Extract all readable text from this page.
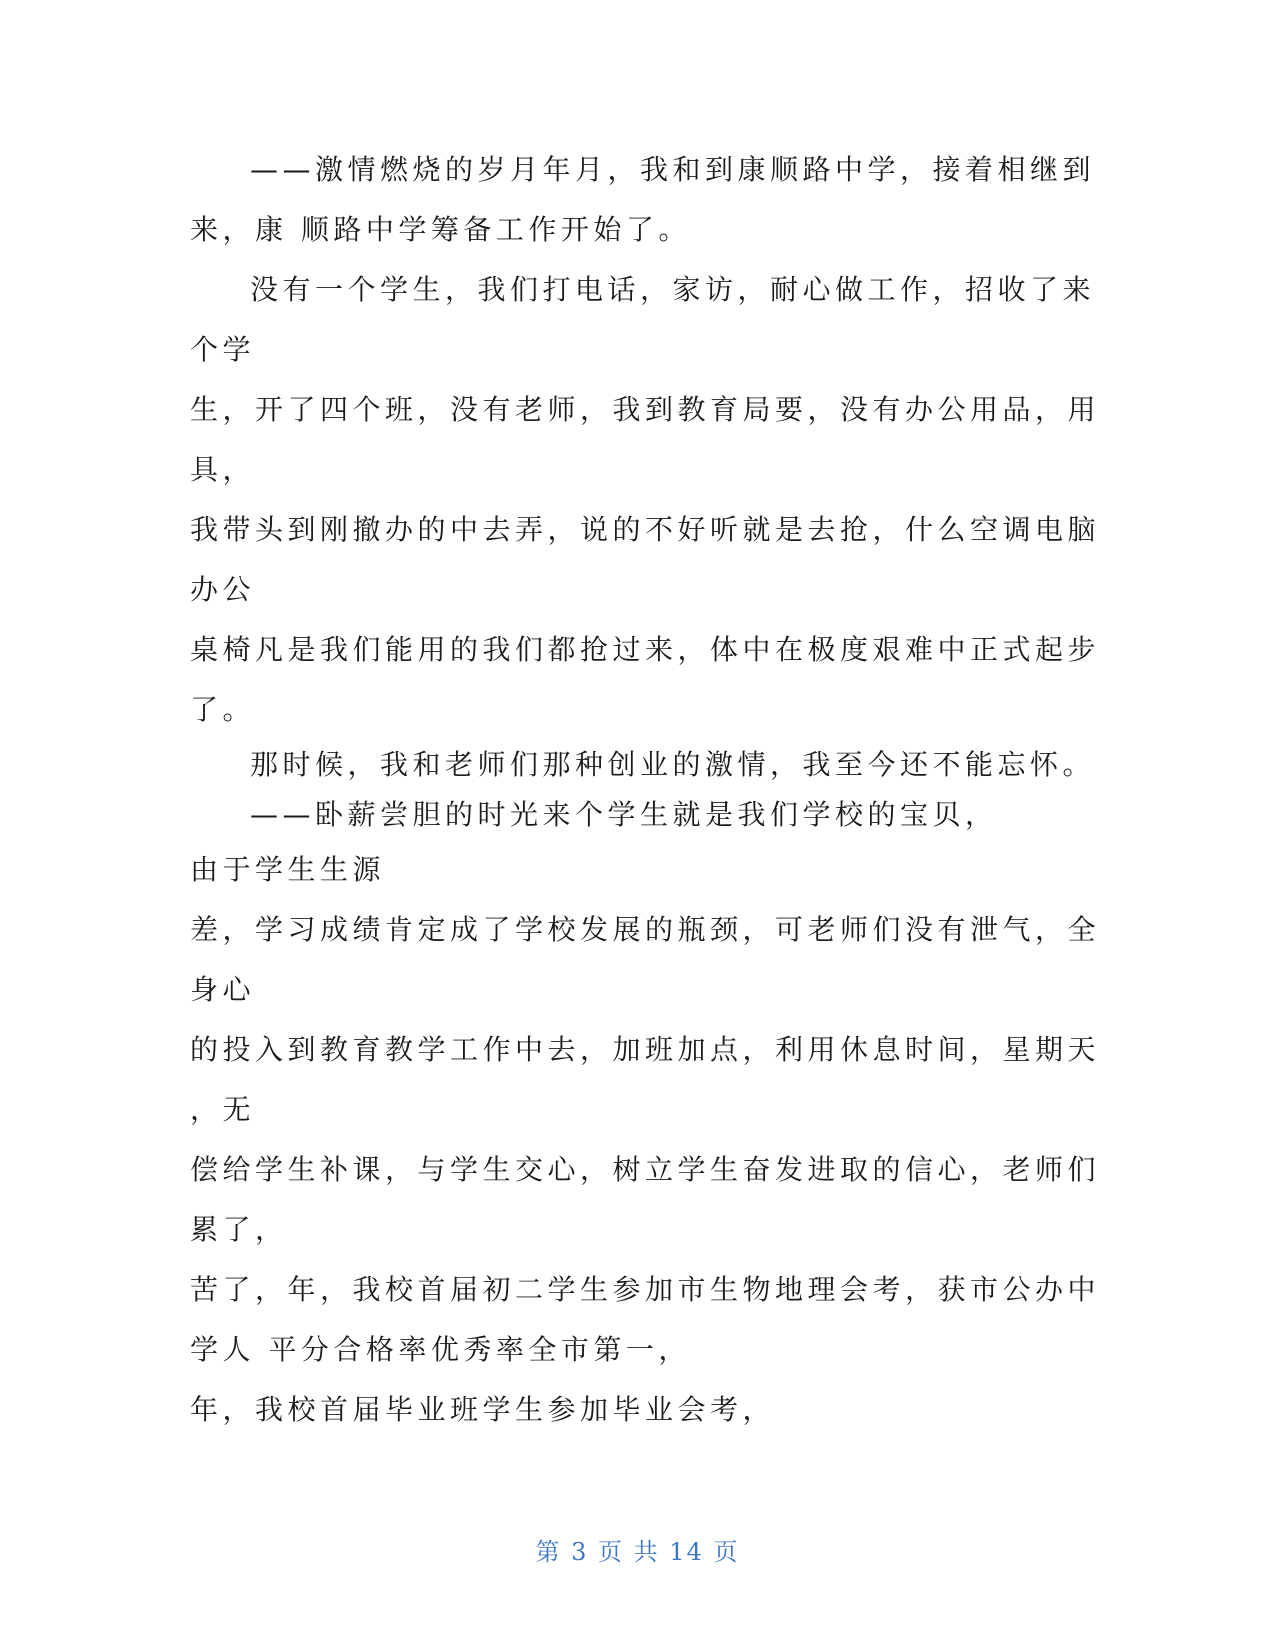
——激情燃烧的岁月年月，我和到康顺路中学，接着相继到
来，康 顺路中学筹备工作开始了。
没有一个学生，我们打电话，家访，耐心做工作，招收了来
个学
生，开了四个班，没有老师，我到教育局要，没有办公用品，用
具，
我带头到刚撤办的中去弄，说的不好听就是去抢，什么空调电脑
办公
桌椅凡是我们能用的我们都抢过来，体中在极度艰难中正式起步
了。
那时候，我和老师们那种创业的激情，我至今还不能忘怀。
——卧薪尝胆的时光来个学生就是我们学校的宝贝，
由于学生生源
差，学习成绩肯定成了学校发展的瓶颈，可老师们没有泄气，全
身心
的投入到教育教学工作中去，加班加点，利用休息时间，星期天
，无
偿给学生补课，与学生交心，树立学生奋发进取的信心，老师们
累了，
苦了，年，我校首届初二学生参加市生物地理会考，获市公办中
学人 平分合格率优秀率全市第一，
年，我校首届毕业班学生参加毕业会考，
第 3 页 共 14 页
